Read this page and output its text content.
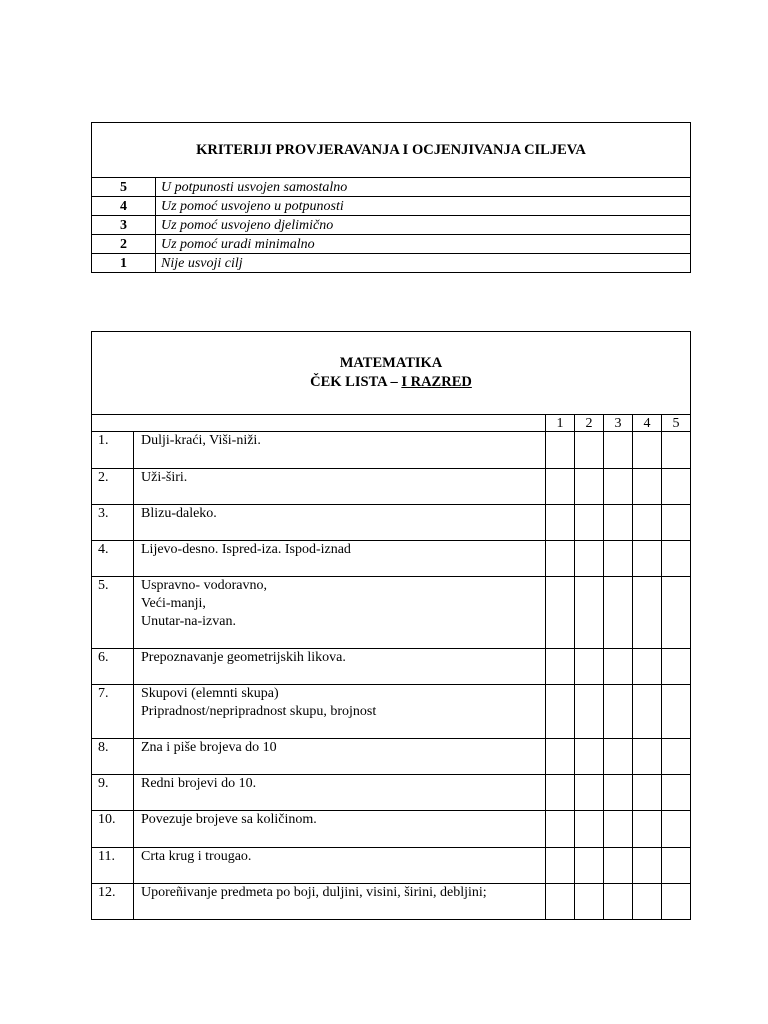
KRITERIJI PROVJERAVANJA I OCJENJIVANJA CILJEVA	
5	U potpunosti usvojen samostalno
4	Uz pomoć usvojeno u potpunosti
3	Uz pomoć usvojeno djelimično
2	Uz pomoć uradi minimalno
1	Nije usvoji cilj
MATEMATIKA
ČEK LISTA – I RAZRED						

		1	2	3	4	5
1.	Dulji-kraći, Viši-niži.					

2.	Uži-širi.					

3.	Blizu-daleko.					

4.	Lijevo-desno. Ispred-iza. Ispod-iznad					

5.	Uspravno- vodoravno,
Veći-manji,
Unutar-na-izvan.					

6.	Prepoznavanje geometrijskih likova.					

7.	Skupovi (elemnti skupa)
Pripradnost/nepripradnost skupu, brojnost					

8.	Zna i piše brojeva do 10					

9.	Redni brojevi do 10.					

10.	Povezuje brojeve sa količinom.					

11.	Crta krug i trougao.					

12.	Uporeñivanje predmeta po boji, duljini, visini, širini, debljini;					
